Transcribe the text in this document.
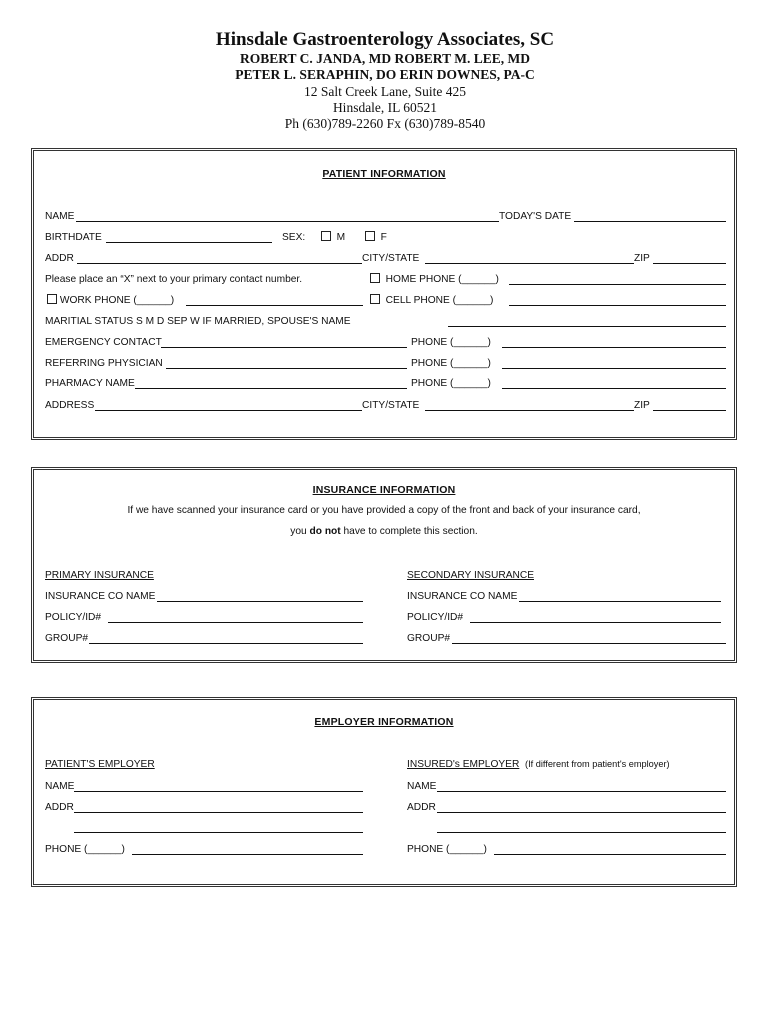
Hinsdale Gastroenterology Associates, SC
ROBERT C. JANDA, MD ROBERT M. LEE, MD
PETER L. SERAPHIN, DO ERIN DOWNES, PA-C
12 Salt Creek Lane, Suite 425
Hinsdale, IL 60521
Ph (630)789-2260 Fx (630)789-8540
PATIENT INFORMATION
NAME	TODAY'S DATE
BIRTHDATE	SEX:	M	F
ADDR	CITY/STATE	ZIP
Please place an “X” next to your primary contact number.	HOME PHONE (______)
WORK PHONE (______)	CELL PHONE (______)
MARITIAL STATUS S M D SEP W IF MARRIED, SPOUSE'S NAME
EMERGENCY CONTACT	PHONE (______)
REFERRING PHYSICIAN	PHONE (______)
PHARMACY NAME	PHONE (______)
ADDRESS	CITY/STATE	ZIP
INSURANCE INFORMATION
If we have scanned your insurance card or you have provided a copy of the front and back of your insurance card,
you do not have to complete this section.
PRIMARY INSURANCE	SECONDARY INSURANCE
INSURANCE CO NAME	INSURANCE CO NAME
POLICY/ID#	POLICY/ID#
GROUP#	GROUP#
EMPLOYER INFORMATION
PATIENT'S EMPLOYER	INSURED's EMPLOYER (If different from patient's employer)
NAME	NAME
ADDR	ADDR
PHONE (______)	PHONE (______)
